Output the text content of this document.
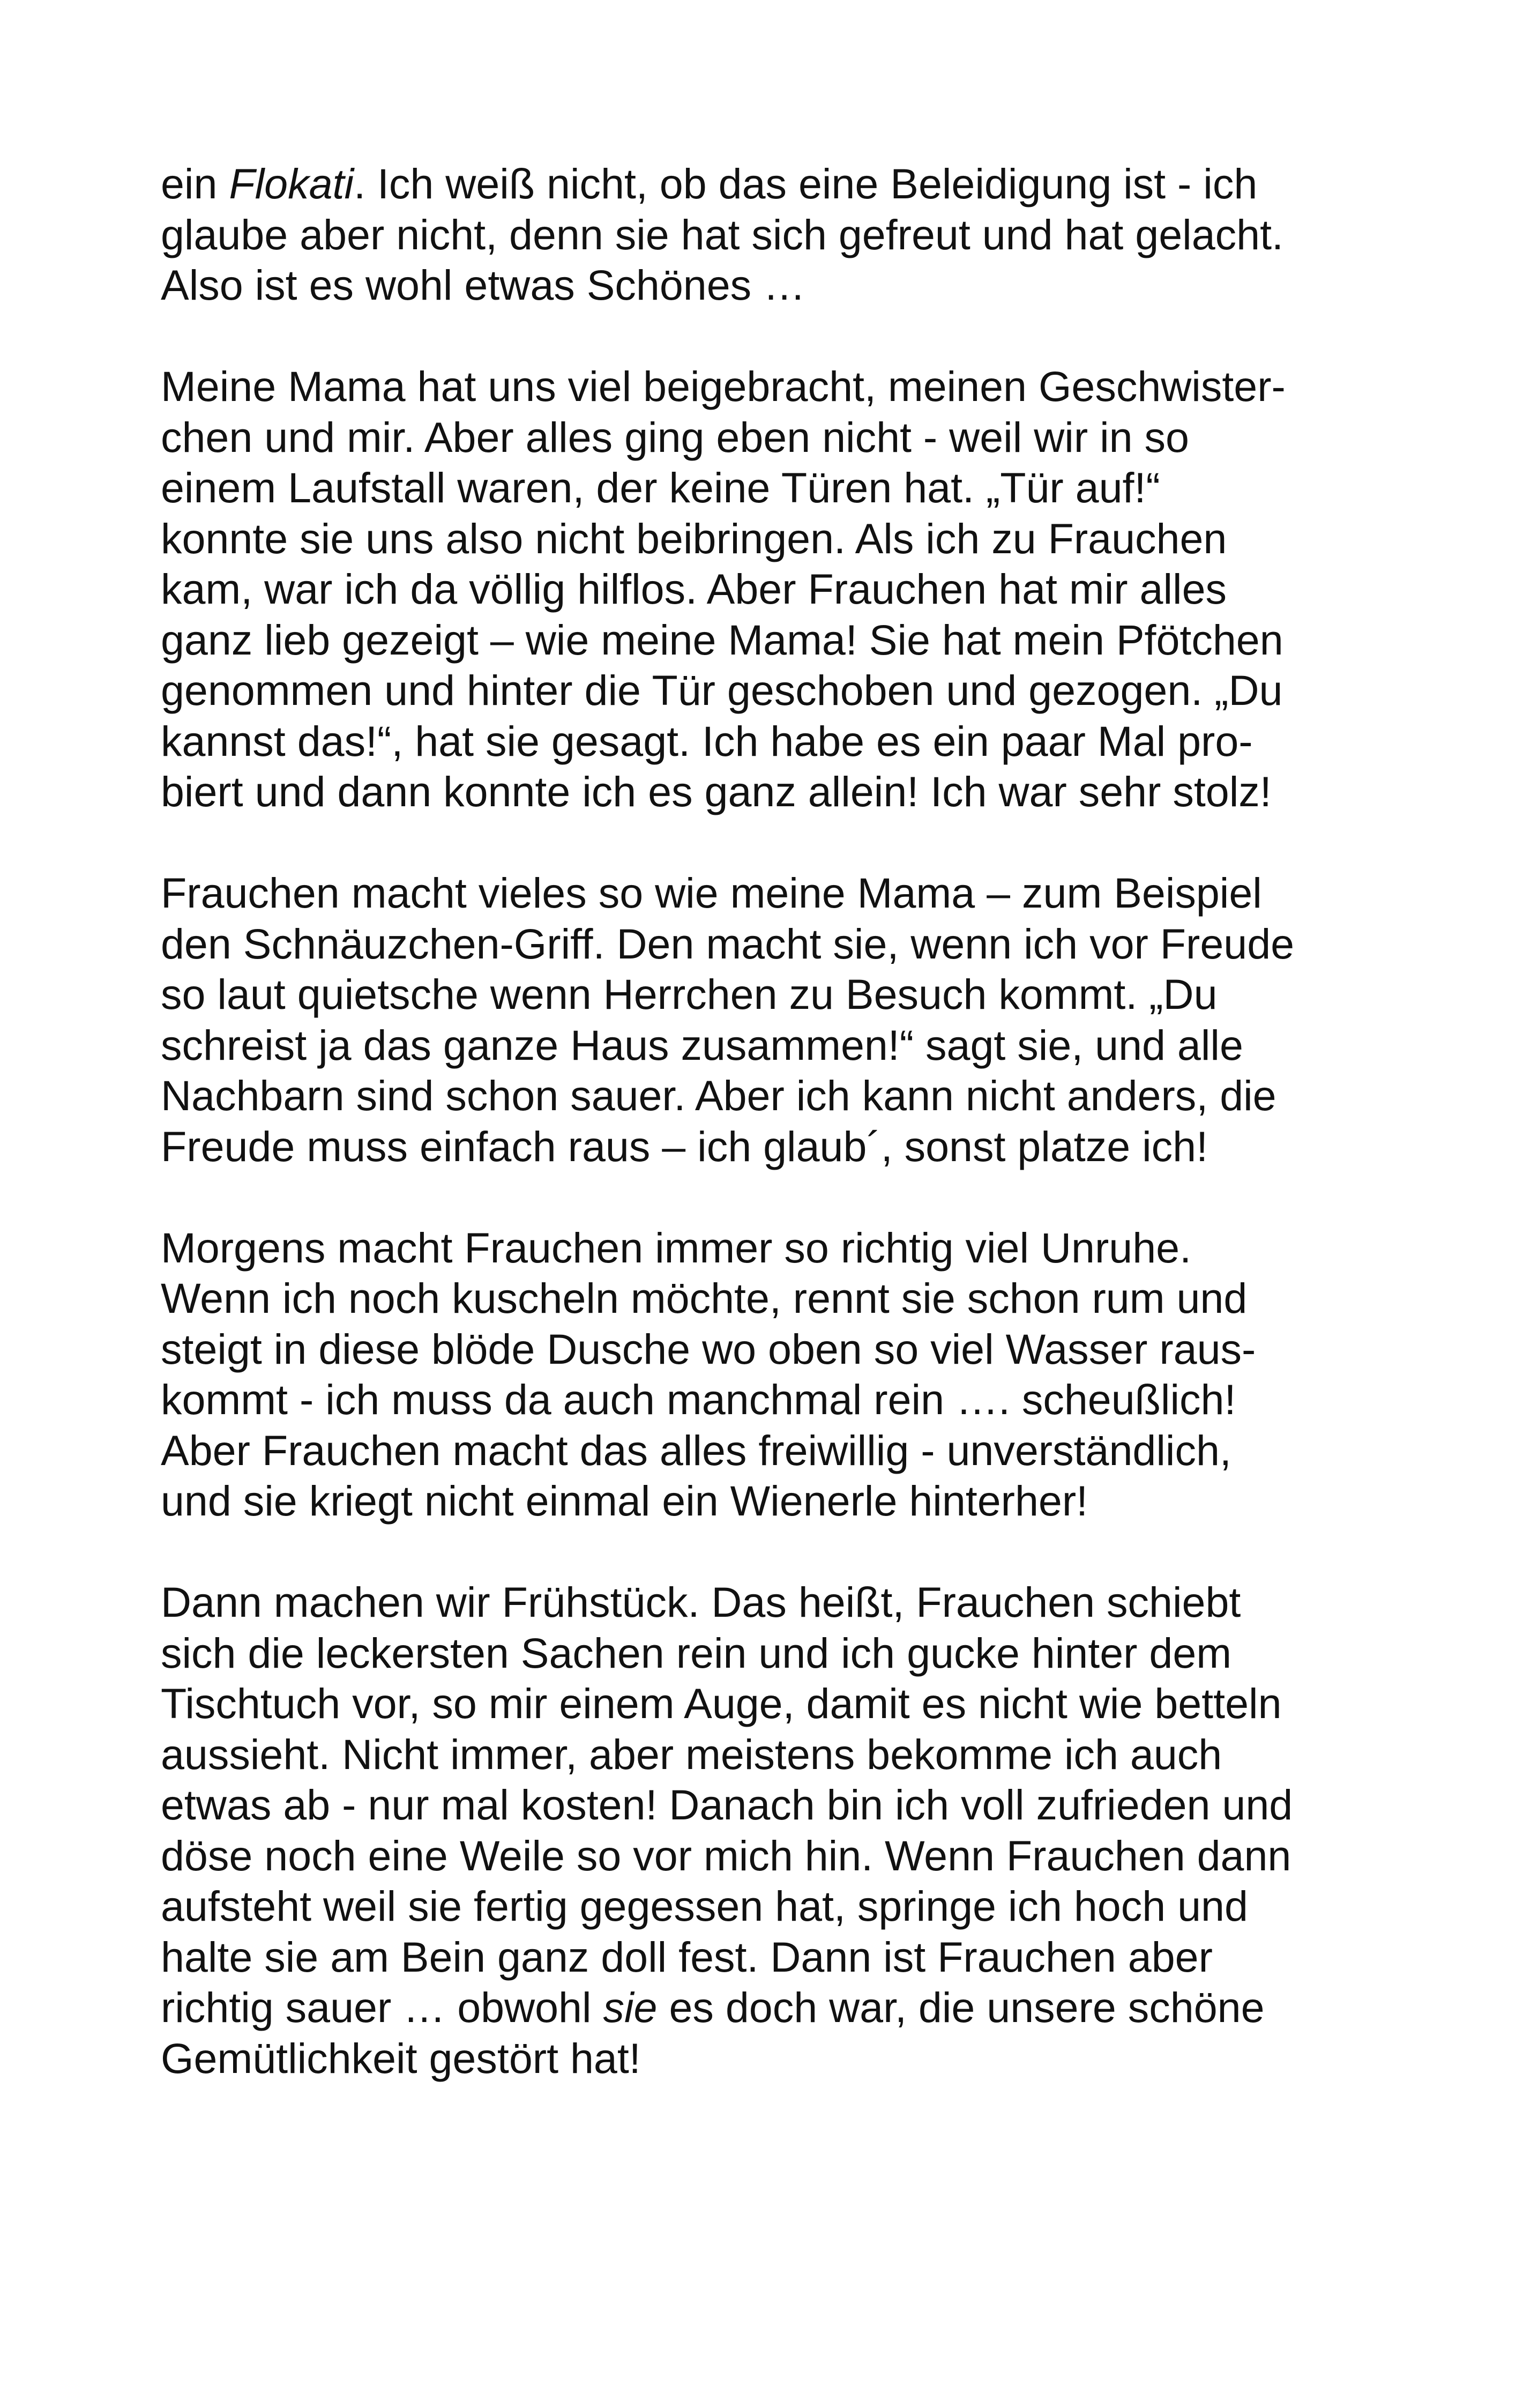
ein Flokati. Ich weiß nicht, ob das eine Beleidigung ist - ich
glaube aber nicht, denn sie hat sich gefreut und hat gelacht.
Also ist es wohl etwas Schönes …
Meine Mama hat uns viel beigebracht, meinen Geschwister-
chen und mir. Aber alles ging eben nicht - weil wir in so
einem Laufstall waren, der keine Türen hat. „Tür auf!“
konnte sie uns also nicht beibringen. Als ich zu Frauchen
kam, war ich da völlig hilflos. Aber Frauchen hat mir alles
ganz lieb gezeigt – wie meine Mama! Sie hat mein Pfötchen
genommen und hinter die Tür geschoben und gezogen. „Du
kannst das!“, hat sie gesagt. Ich habe es ein paar Mal pro-
biert und dann konnte ich es ganz allein! Ich war sehr stolz!
Frauchen macht vieles so wie meine Mama – zum Beispiel
den Schnäuzchen-Griff. Den macht sie, wenn ich vor Freude
so laut quietsche wenn Herrchen zu Besuch kommt. „Du
schreist ja das ganze Haus zusammen!“ sagt sie, und alle
Nachbarn sind schon sauer. Aber ich kann nicht anders, die
Freude muss einfach raus – ich glaub´, sonst platze ich!
Morgens macht Frauchen immer so richtig viel Unruhe.
Wenn ich noch kuscheln möchte, rennt sie schon rum und
steigt in diese blöde Dusche wo oben so viel Wasser raus-
kommt - ich muss da auch manchmal rein …. scheußlich!
Aber Frauchen macht das alles freiwillig - unverständlich,
und sie kriegt nicht einmal ein Wienerle hinterher!
Dann machen wir Frühstück. Das heißt, Frauchen schiebt
sich die leckersten Sachen rein und ich gucke hinter dem
Tischtuch vor, so mir einem Auge, damit es nicht wie betteln
aussieht. Nicht immer, aber meistens bekomme ich auch
etwas ab - nur mal kosten! Danach bin ich voll zufrieden und
döse noch eine Weile so vor mich hin. Wenn Frauchen dann
aufsteht weil sie fertig gegessen hat, springe ich hoch und
halte sie am Bein ganz doll fest. Dann ist Frauchen aber
richtig sauer … obwohl sie es doch war, die unsere schöne
Gemütlichkeit gestört hat!
